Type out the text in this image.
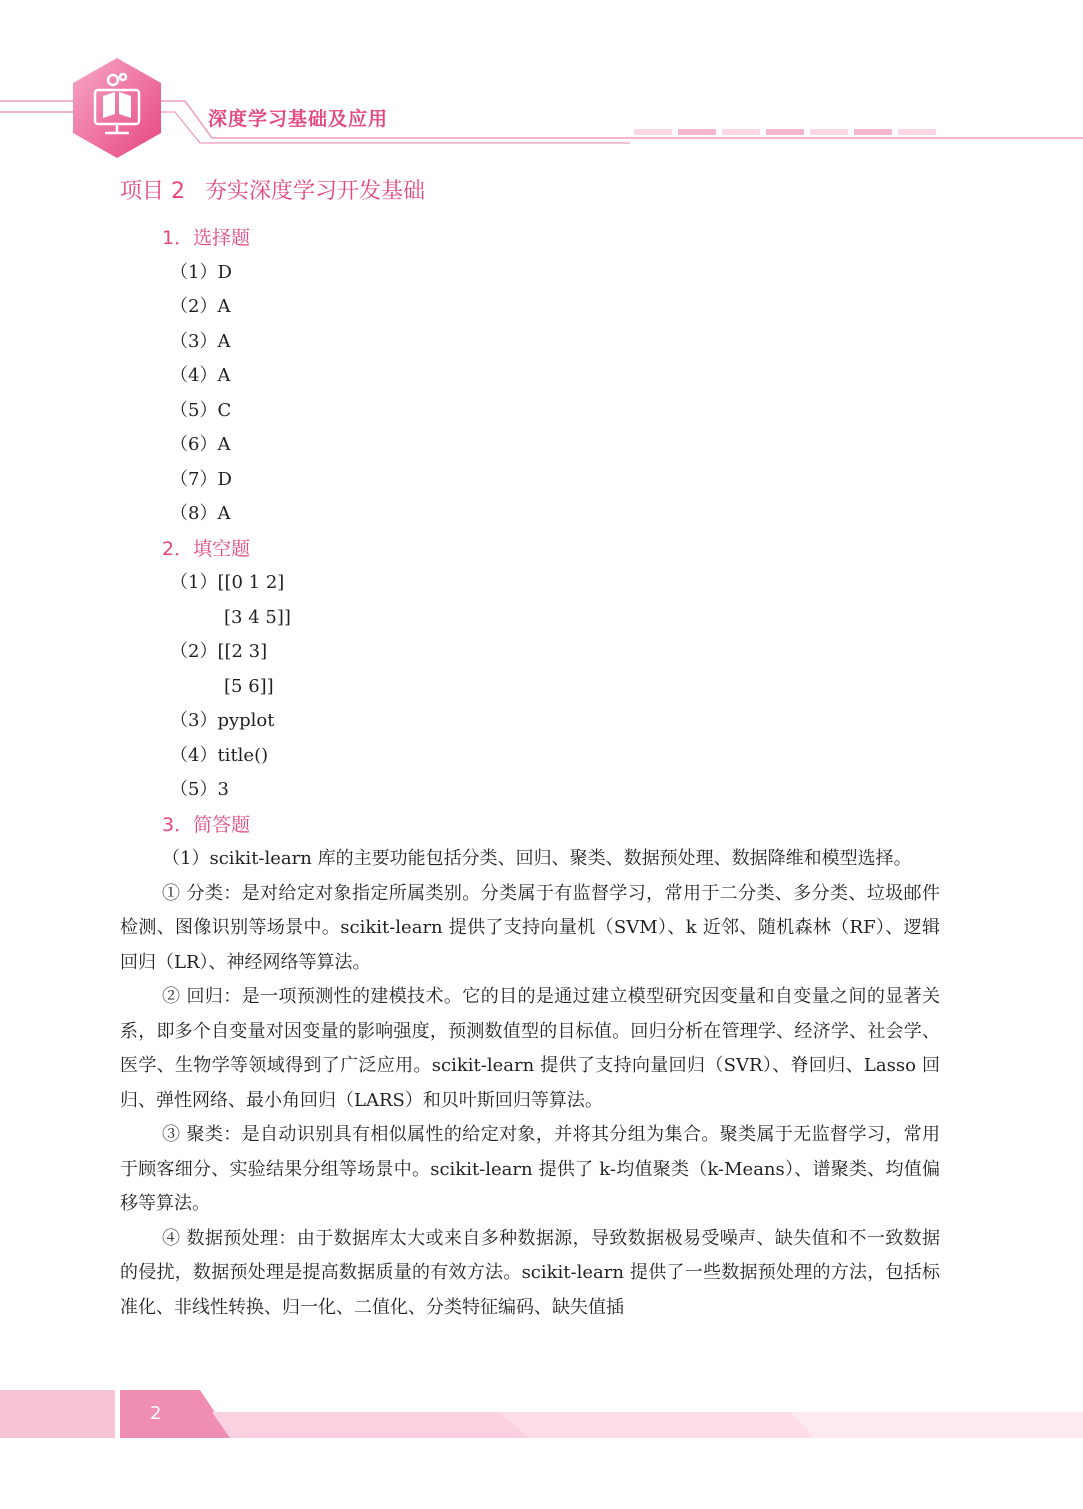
深度学习基础及应用
项目 2 夯实深度学习开发基础
1．选择题
（1）D
（2）A
（3）A
（4）A
（5）C
（6）A
（7）D
（8）A
2．填空题
（1）[[0 1 2]
[3 4 5]]
（2）[[2 3]
[5 6]]
（3）pyplot
（4）title()
（5）3
3．简答题

（1）scikit-learn 库的主要功能包括分类、回归、聚类、数据预处理、数据降维和模型选择。

① 分类：是对给定对象指定所属类别。分类属于有监督学习，常用于二分类、多分类、垃圾邮件检测、图像识别等场景中。scikit-learn 提供了支持向量机（SVM）、k 近邻、随机森林（RF）、逻辑回归（LR）、神经网络等算法。

② 回归：是一项预测性的建模技术。它的目的是通过建立模型研究因变量和自变量之间的显著关系，即多个自变量对因变量的影响强度，预测数值型的目标值。回归分析在管理学、经济学、社会学、医学、生物学等领域得到了广泛应用。scikit-learn 提供了支持向量回归（SVR）、脊回归、Lasso 回归、弹性网络、最小角回归（LARS）和贝叶斯回归等算法。

③ 聚类：是自动识别具有相似属性的给定对象，并将其分组为集合。聚类属于无监督学习，常用于顾客细分、实验结果分组等场景中。scikit-learn 提供了 k-均值聚类（k-Means）、谱聚类、均值偏移等算法。

④ 数据预处理：由于数据库太大或来自多种数据源，导致数据极易受噪声、缺失值和不一致数据的侵扰，数据预处理是提高数据质量的有效方法。scikit-learn 提供了一些数据预处理的方法，包括标准化、非线性转换、归一化、二值化、分类特征编码、缺失值插

2
